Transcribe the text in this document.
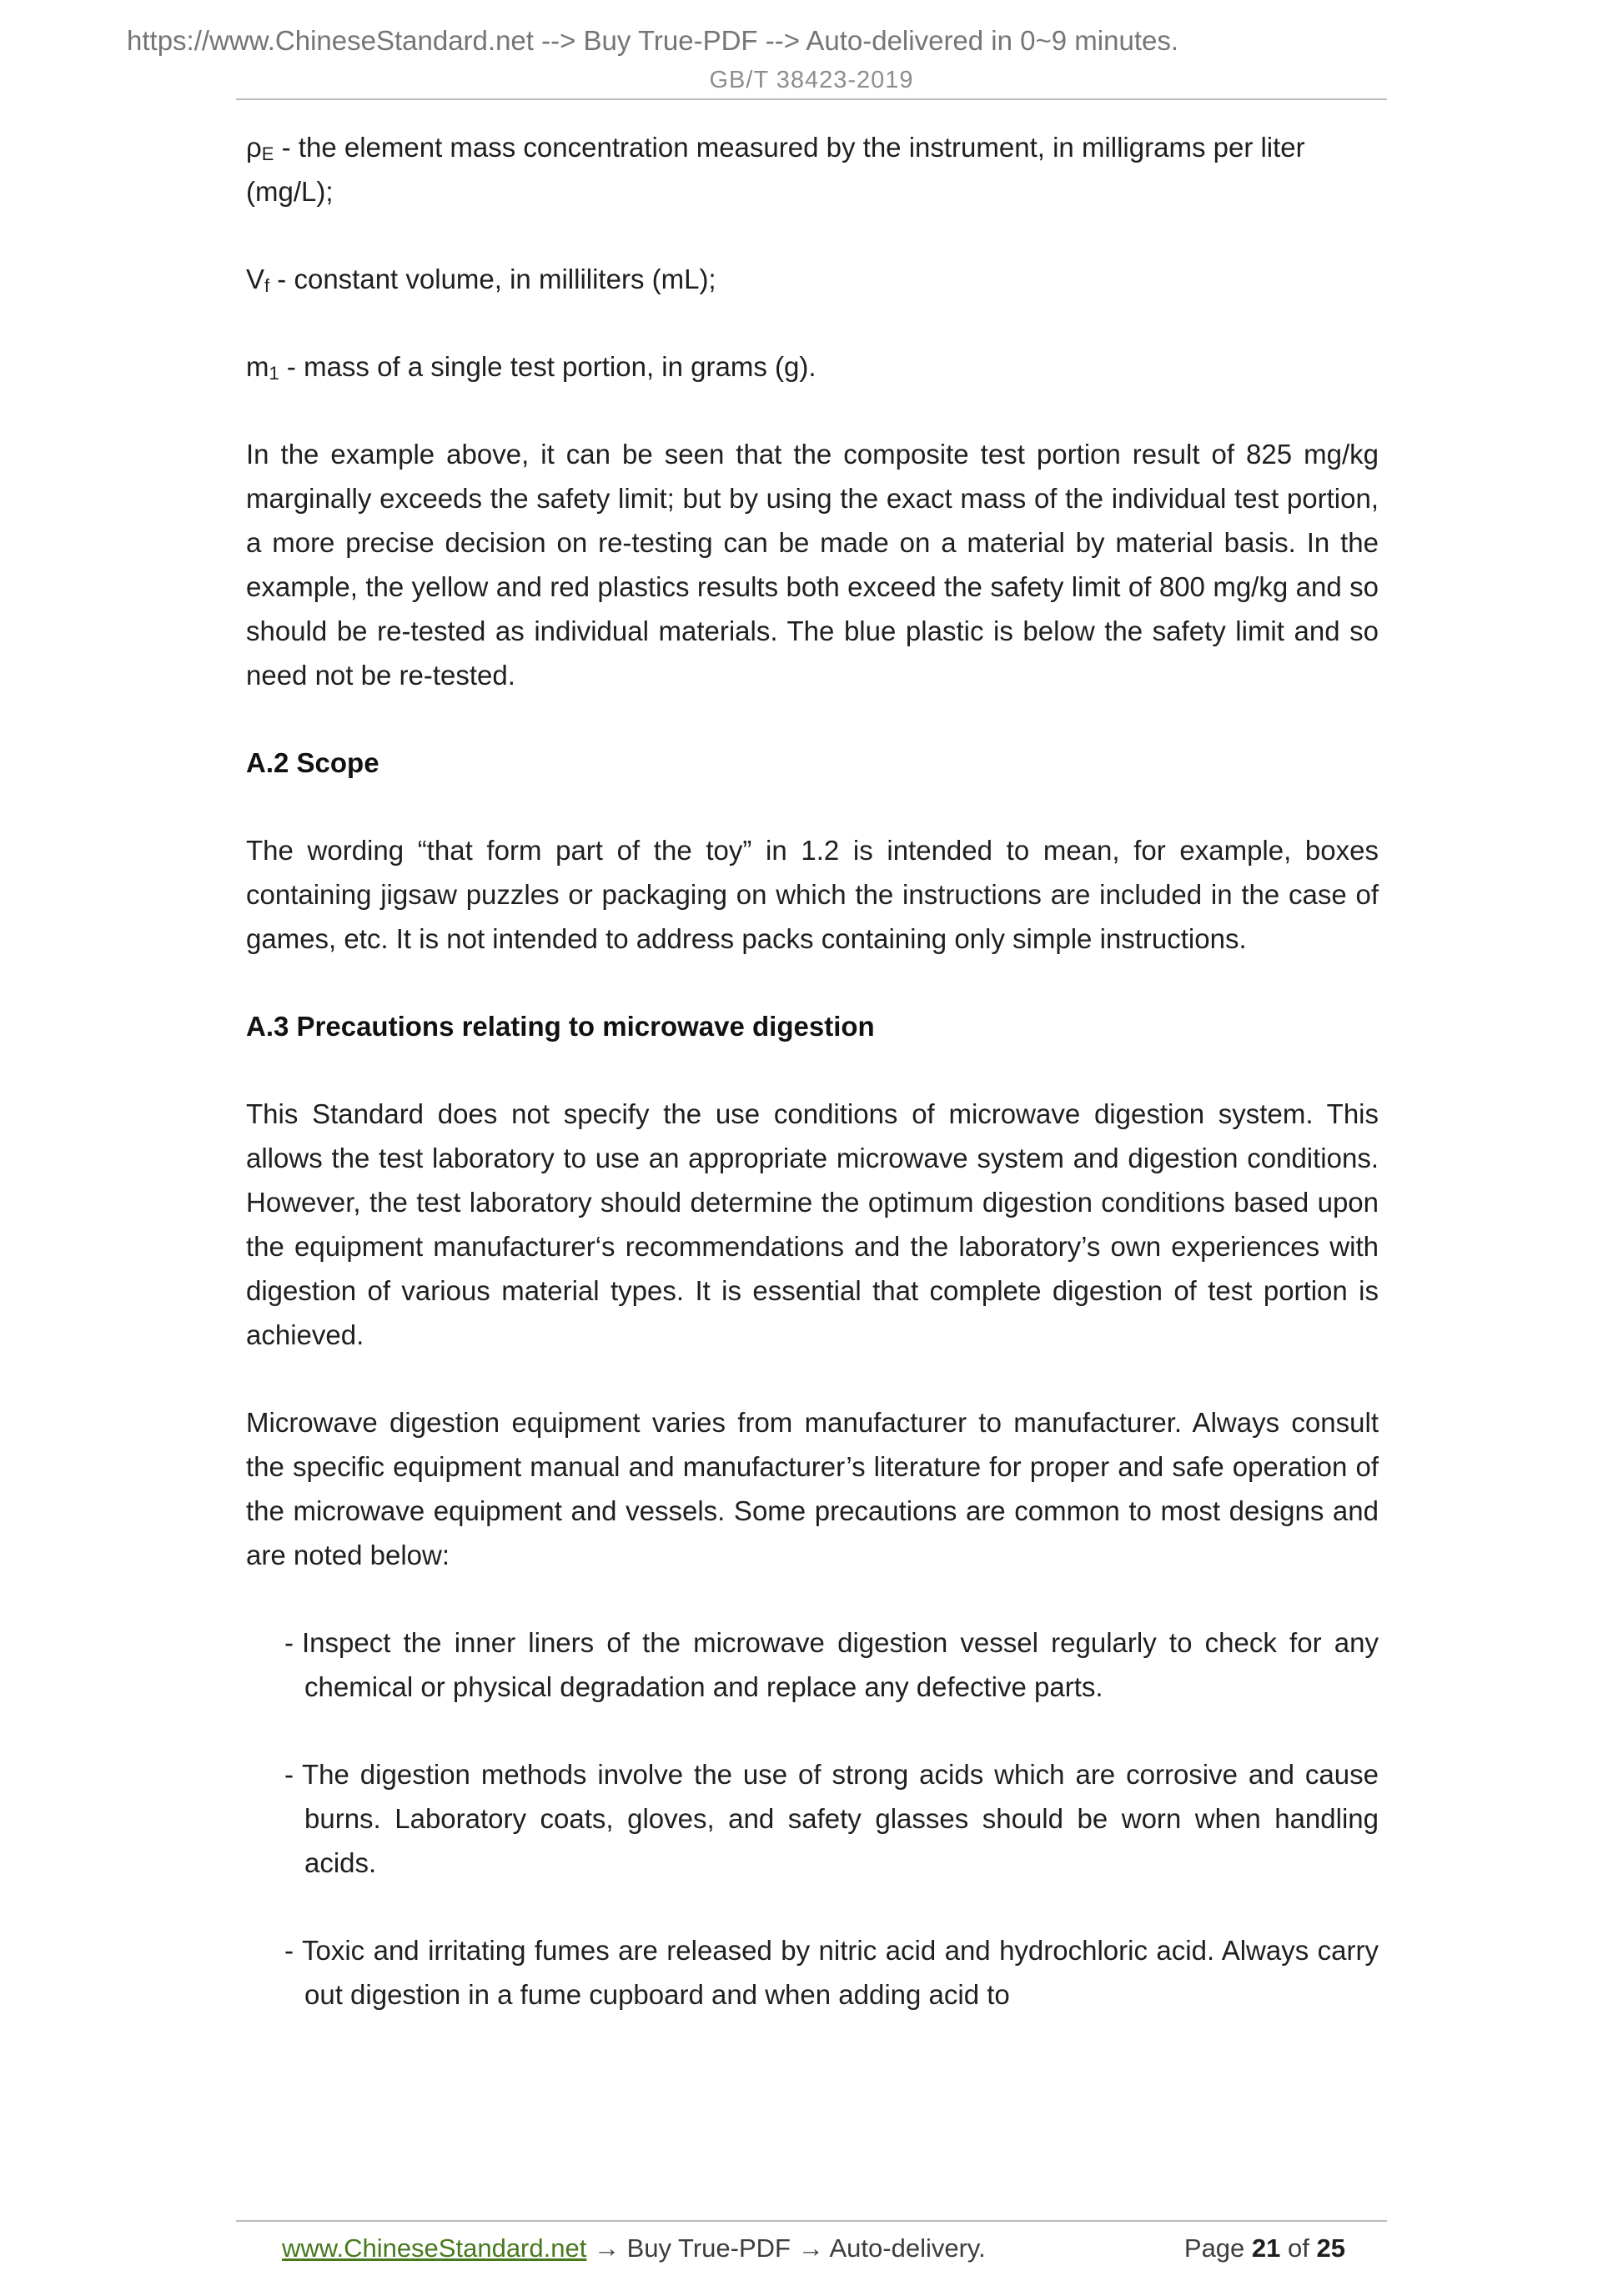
https://www.ChineseStandard.net --> Buy True-PDF --> Auto-delivered in 0~9 minutes.
GB/T 38423-2019

$\rho_E$ - the element mass concentration measured by the instrument, in milligrams per liter (mg/L);

$V_f$ - constant volume, in milliliters (mL);

$m_1$ - mass of a single test portion, in grams (g).

In the example above, it can be seen that the composite test portion result of 825 mg/kg marginally exceeds the safety limit; but by using the exact mass of the individual test portion, a more precise decision on re-testing can be made on a material by material basis. In the example, the yellow and red plastics results both exceed the safety limit of 800 mg/kg and so should be re-tested as individual materials. The blue plastic is below the safety limit and so need not be re-tested.

A.2 Scope

The wording “that form part of the toy” in 1.2 is intended to mean, for example, boxes containing jigsaw puzzles or packaging on which the instructions are included in the case of games, etc. It is not intended to address packs containing only simple instructions.

A.3 Precautions relating to microwave digestion

This Standard does not specify the use conditions of microwave digestion system. This allows the test laboratory to use an appropriate microwave system and digestion conditions. However, the test laboratory should determine the optimum digestion conditions based upon the equipment manufacturer‘s recommendations and the laboratory’s own experiences with digestion of various material types. It is essential that complete digestion of test portion is achieved.

Microwave digestion equipment varies from manufacturer to manufacturer. Always consult the specific equipment manual and manufacturer’s literature for proper and safe operation of the microwave equipment and vessels. Some precautions are common to most designs and are noted below:

- Inspect the inner liners of the microwave digestion vessel regularly to check for any chemical or physical degradation and replace any defective parts.

- The digestion methods involve the use of strong acids which are corrosive and cause burns. Laboratory coats, gloves, and safety glasses should be worn when handling acids.

- Toxic and irritating fumes are released by nitric acid and hydrochloric acid. Always carry out digestion in a fume cupboard and when adding acid to

www.ChineseStandard.net → Buy True-PDF → Auto-delivery.	Page 21 of 25
